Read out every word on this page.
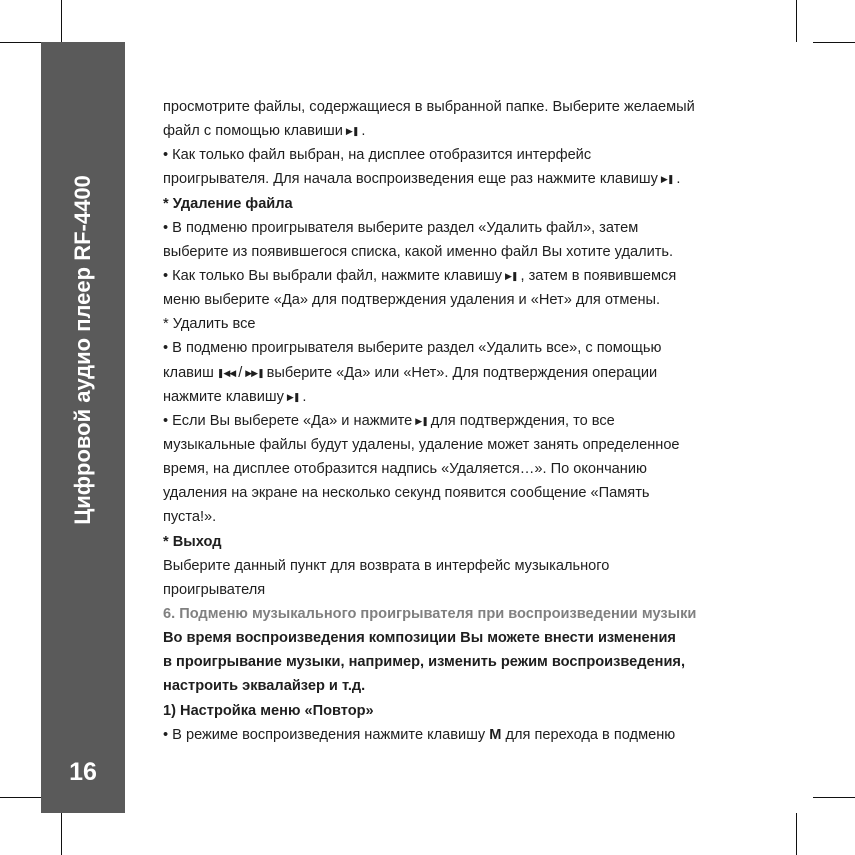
Цифровой аудио плеер RF-4400
16
просмотрите файлы, содержащиеся в выбранной папке. Выберите желаемый
файл с помощью клавиши ▶❚ .
• Как только файл выбран, на дисплее отобразится интерфейс
проигрывателя. Для начала воспроизведения еще раз нажмите клавишу ▶❚ .
* Удаление файла
• В подменю проигрывателя выберите раздел «Удалить файл», затем
выберите из появившегося списка, какой именно файл Вы хотите удалить.
• Как только Вы выбрали файл, нажмите клавишу ▶❚ , затем в появившемся
меню выберите «Да» для подтверждения удаления и «Нет» для отмены.
* Удалить все
• В подменю проигрывателя выберите раздел «Удалить все», с помощью
клавиш ❚◀◀ / ▶▶❚ выберите «Да» или «Нет». Для подтверждения операции
нажмите клавишу ▶❚ .
• Если Вы выберете «Да» и нажмите ▶❚ для подтверждения, то все
музыкальные файлы будут удалены, удаление может занять определенное
время, на дисплее отобразится надпись «Удаляется…». По окончанию
удаления на экране на несколько секунд появится сообщение «Память
пуста!».
* Выход
Выберите данный пункт для возврата в интерфейс музыкального
проигрывателя
6. Подменю музыкального проигрывателя при воспроизведении музыки
Во время воспроизведения композиции Вы можете внести изменения
в проигрывание музыки, например, изменить режим воспроизведения,
настроить эквалайзер и т.д.
1) Настройка меню «Повтор»
• В режиме воспроизведения нажмите клавишу M для перехода в подменю
